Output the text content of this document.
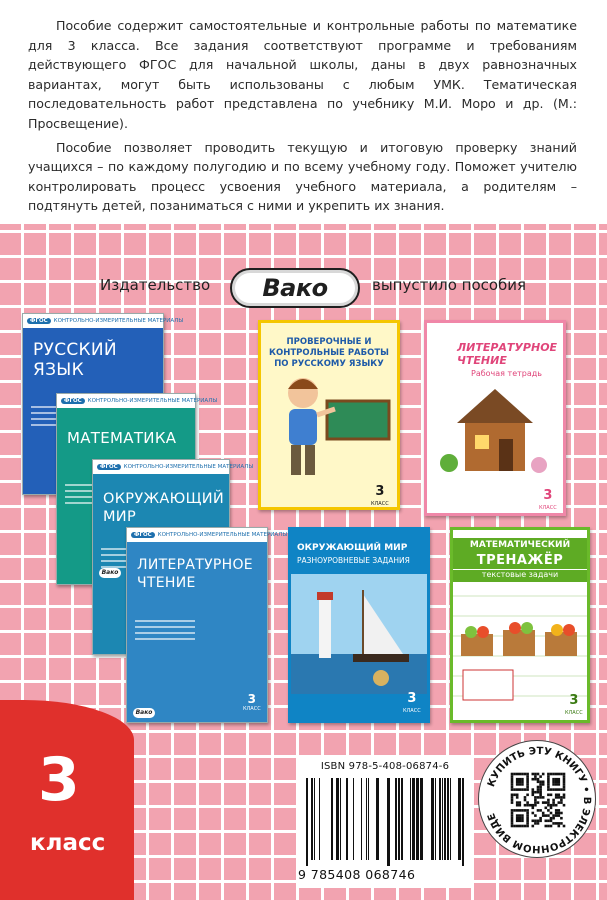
Пособие содержит самостоятельные и контрольные работы по математике для 3 класса. Все задания соответствуют программе и требованиям действующего ФГОС для начальной школы, даны в двух равнозначных вариантах, могут быть использованы с любым УМК. Тематическая последовательность работ представлена по учебнику М.И. Моро и др. (М.: Просвещение).

Пособие позволяет проводить текущую и итоговую проверку знаний учащихся – по каждому полугодию и по всему учебному году. Поможет учителю контролировать процесс усвоения учебного материала, а родителям – подтянуть детей, позаниматься с ними и укрепить их знания.

Издательство Вако	выпустило пособия
ФГОС КОНТРОЛЬНО-ИЗМЕРИТЕЛЬНЫЕ МАТЕРИАЛЫ
РУССКИЙ
ЯЗЫК
ФГОС КОНТРОЛЬНО-ИЗМЕРИТЕЛЬНЫЕ МАТЕРИАЛЫ
МАТЕМАТИКА
ФГОС КОНТРОЛЬНО-ИЗМЕРИТЕЛЬНЫЕ МАТЕРИАЛЫ
ОКРУЖАЮЩИЙ
МИР
Вако
ФГОС КОНТРОЛЬНО-ИЗМЕРИТЕЛЬНЫЕ МАТЕРИАЛЫ
ЛИТЕРАТУРНОЕ
ЧТЕНИЕ
3
КЛАСС
Вако
ПРОВЕРОЧНЫЕ И КОНТРОЛЬНЫЕ РАБОТЫ ПО РУССКОМУ ЯЗЫКУ
3
КЛАСС
ЛИТЕРАТУРНОЕ
ЧТЕНИЕ
Рабочая тетрадь
3
КЛАСС
ОКРУЖАЮЩИЙ МИР
РАЗНОУРОВНЕВЫЕ ЗАДАНИЯ
3
КЛАСС
МАТЕМАТИЧЕСКИЙ
ТРЕНАЖЁР
текстовые задачи
3
КЛАСС
3
класс
ISBN 978-5-408-06874-6
9 785408 068746
КУПИТЬ ЭТУ КНИГУ • В ЭЛЕКТРОННОМ ВИДЕ
